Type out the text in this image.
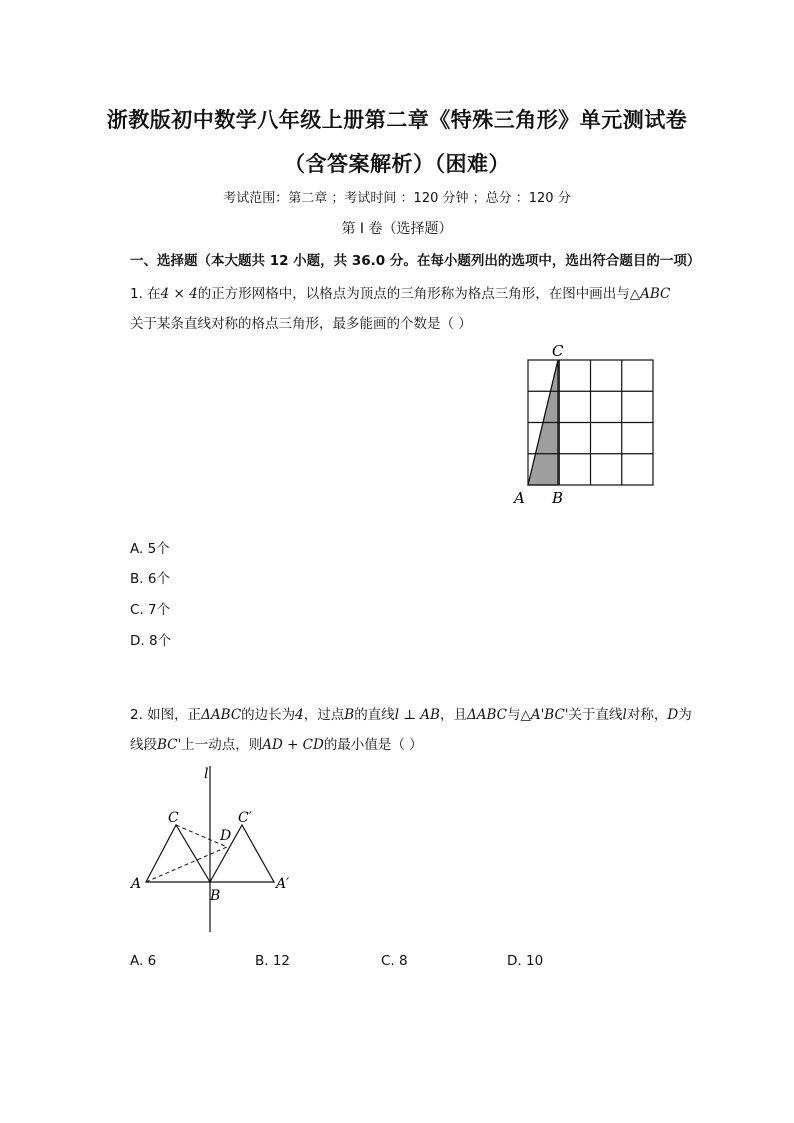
浙教版初中数学八年级上册第二章《特殊三角形》单元测试卷
（含答案解析）（困难）
考试范围：第二章 ；考试时间 ：120 分钟 ；总分 ：120 分
第 I 卷（选择题）
一、选择题（本大题共 12 小题，共 36.0 分。在每小题列出的选项中，选出符合题目的一项）
1. 在4 × 4的正方形网格中，以格点为顶点的三角形称为格点三角形，在图中画出与△ABC
关于某条直线对称的格点三角形，最多能画的个数是（ ）
C
A B
A. 5个
B. 6个
C. 7个
D. 8个
2. 如图，正ΔABC的边长为4，过点B的直线l ⊥ AB，且ΔABC与△A'BC'关于直线l对称，D为
线段BC'上一动点，则AD + CD的最小值是（ ）
l
C	C′
D
A
B
A′
A. 6	B. 12	C. 8	D. 10
